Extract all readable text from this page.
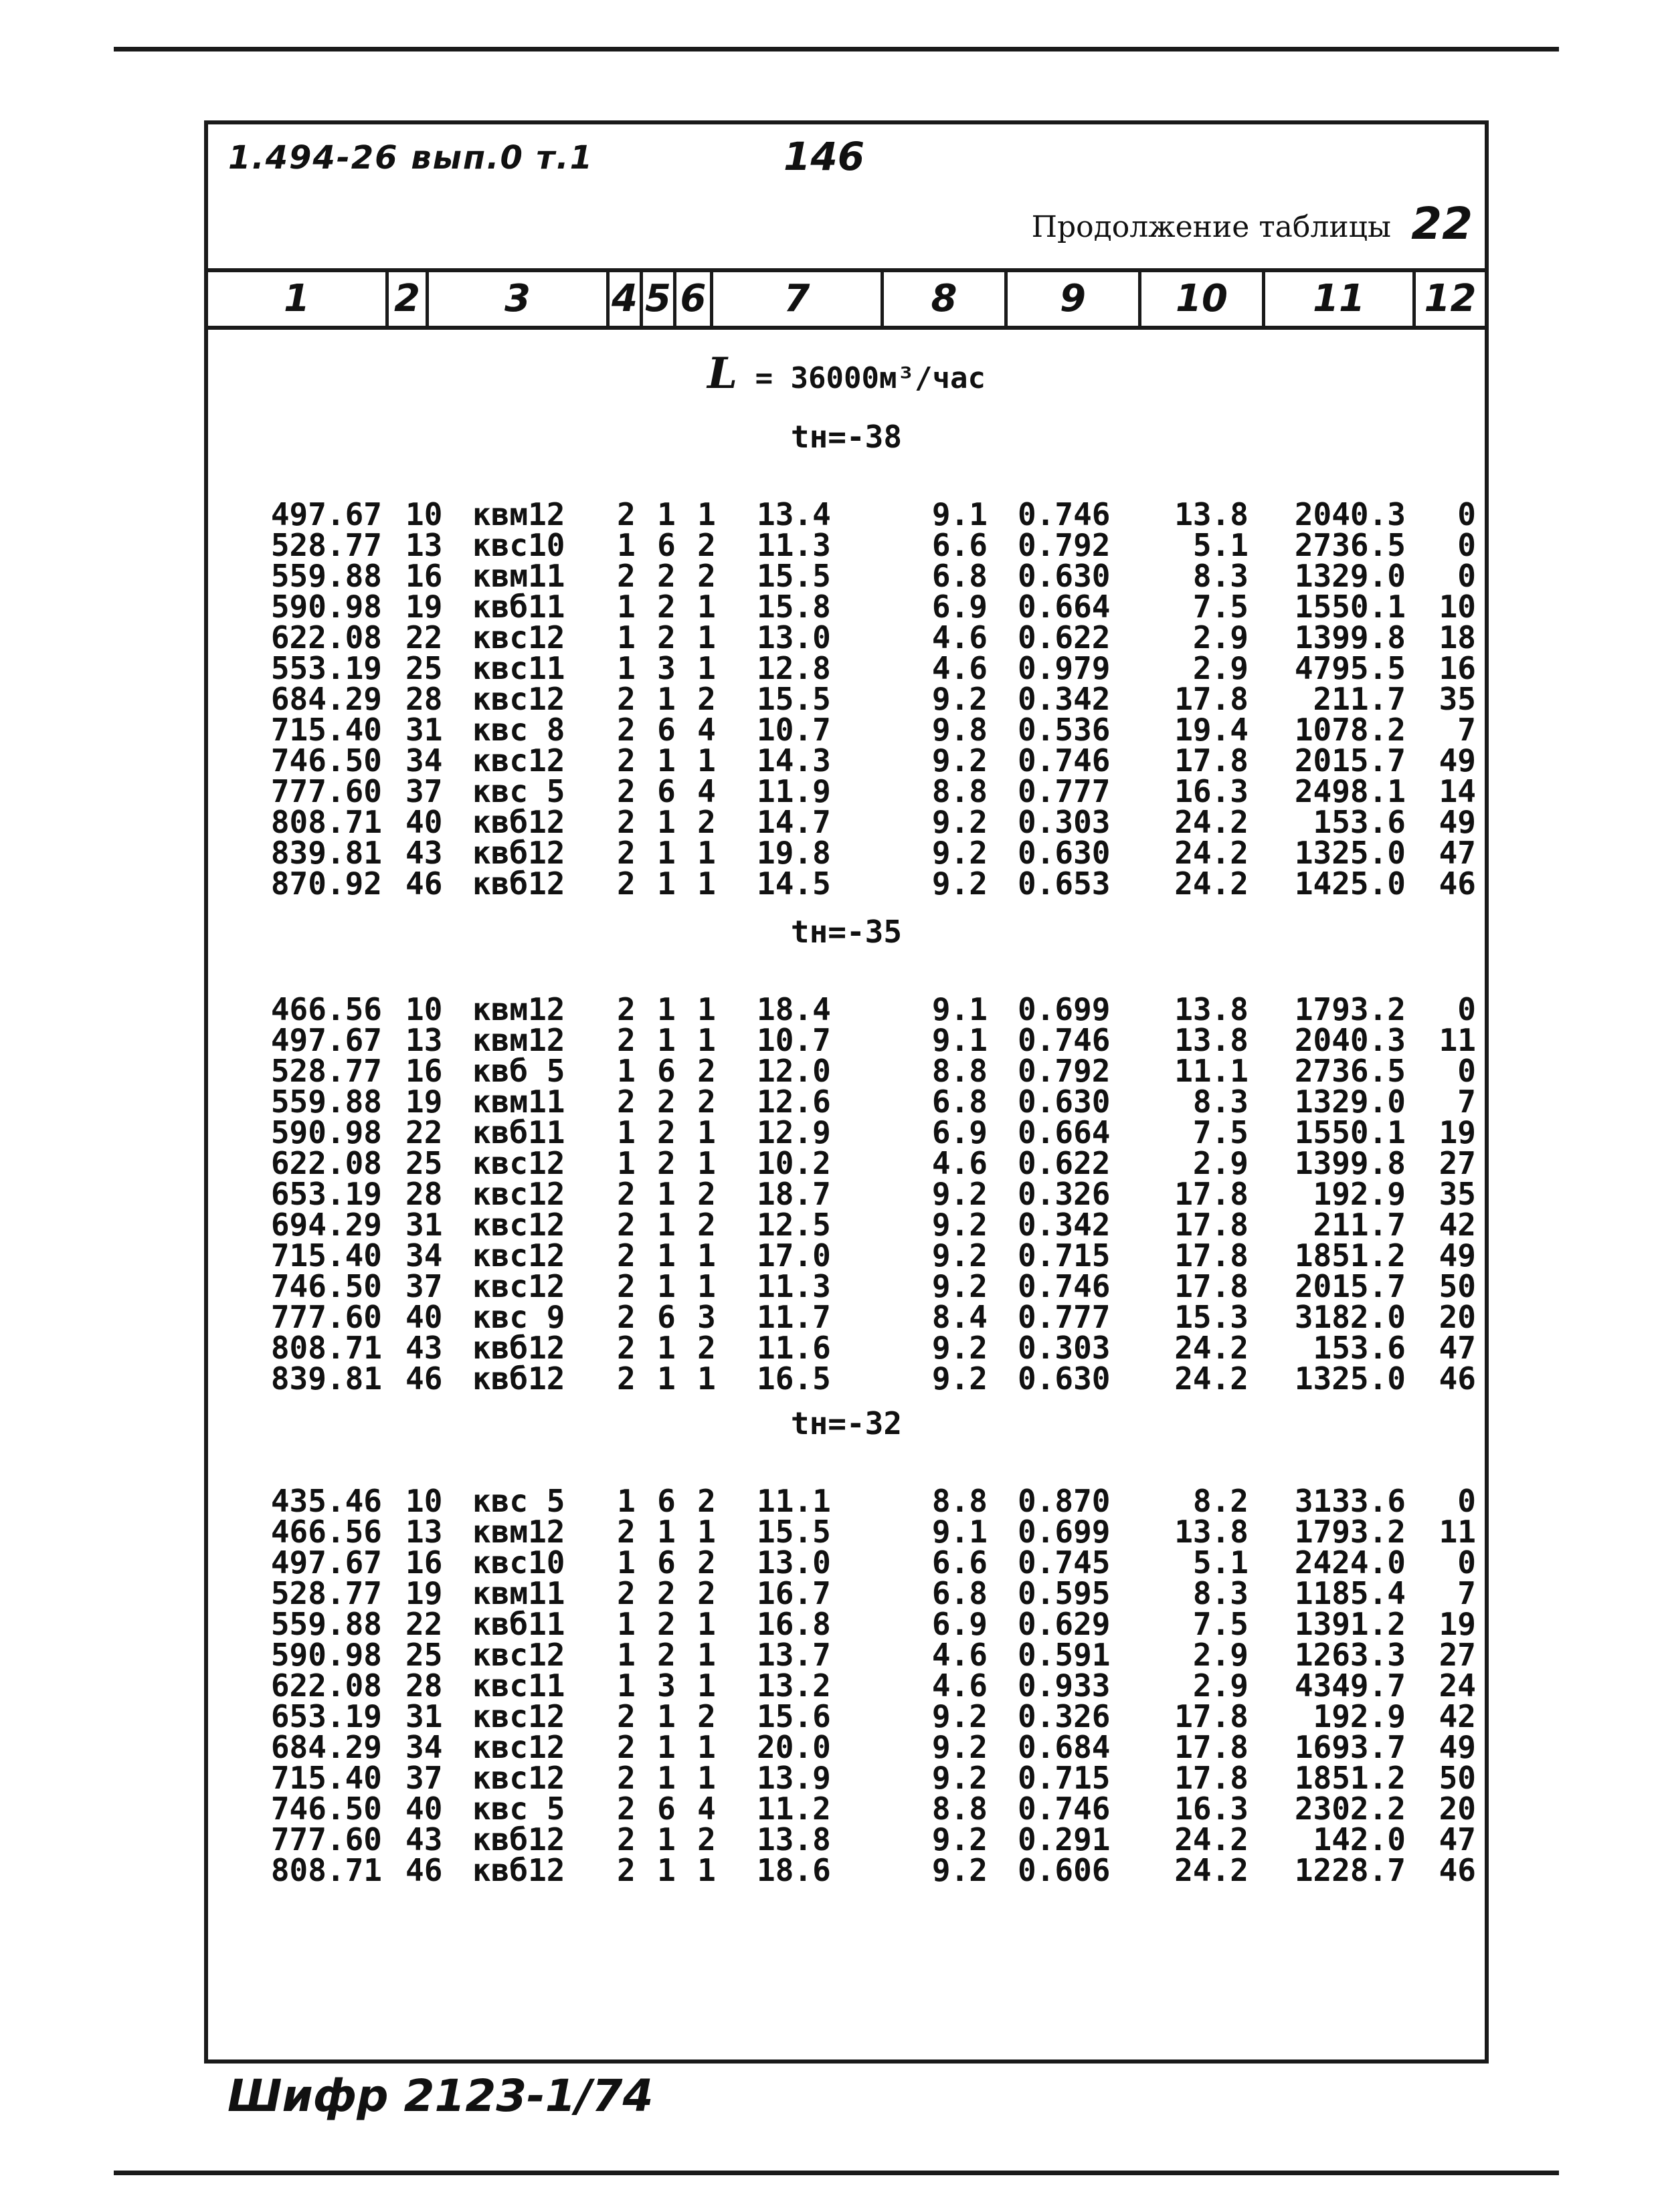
1.494-26 вып.0 т.1	146
Продолжение таблицы 22
1	2	3	4 5 6	7	8	9	10	11	12
L = 36000м³/час
tн=-38
497.67 10 квм12	2 1 1	13.4	9.1 0.746	13.8	2040.3	0
528.77 13 квс10	1 6 2	11.3	6.6 0.792	5.1	2736.5	0
559.88 16 квм11	2 2 2	15.5	6.8 0.630	8.3	1329.0	0
590.98 19 квб11	1 2 1	15.8	6.9 0.664	7.5	1550.1	10
622.08 22 квс12	1 2 1	13.0	4.6 0.622	2.9	1399.8	18
553.19 25 квс11	1 3 1	12.8	4.6 0.979	2.9	4795.5	16
684.29 28 квс12	2 1 2	15.5	9.2 0.342	17.8	211.7	35
715.40 31 квс 8	2 6 4	10.7	9.8 0.536	19.4	1078.2	7
746.50 34 квс12	2 1 1	14.3	9.2 0.746	17.8	2015.7	49
777.60 37 квс 5	2 6 4	11.9	8.8 0.777	16.3	2498.1	14
808.71 40 квб12	2 1 2	14.7	9.2 0.303	24.2	153.6	49
839.81 43 квб12	2 1 1	19.8	9.2 0.630	24.2	1325.0	47
870.92 46 квб12	2 1 1	14.5	9.2 0.653	24.2	1425.0	46
tн=-35
466.56 10 квм12	2 1 1	18.4	9.1 0.699	13.8	1793.2	0
497.67 13 квм12	2 1 1	10.7	9.1 0.746	13.8	2040.3	11
528.77 16 квб 5	1 6 2	12.0	8.8 0.792	11.1	2736.5	0
559.88 19 квм11	2 2 2	12.6	6.8 0.630	8.3	1329.0	7
590.98 22 квб11	1 2 1	12.9	6.9 0.664	7.5	1550.1	19
622.08 25 квс12	1 2 1	10.2	4.6 0.622	2.9	1399.8	27
653.19 28 квс12	2 1 2	18.7	9.2 0.326	17.8	192.9	35
694.29 31 квс12	2 1 2	12.5	9.2 0.342	17.8	211.7	42
715.40 34 квс12	2 1 1	17.0	9.2 0.715	17.8	1851.2	49
746.50 37 квс12	2 1 1	11.3	9.2 0.746	17.8	2015.7	50
777.60 40 квс 9	2 6 3	11.7	8.4 0.777	15.3	3182.0	20
808.71 43 квб12	2 1 2	11.6	9.2 0.303	24.2	153.6	47
839.81 46 квб12	2 1 1	16.5	9.2 0.630	24.2	1325.0	46
tн=-32
435.46 10 квс 5	1 6 2	11.1	8.8 0.870	8.2	3133.6	0
466.56 13 квм12	2 1 1	15.5	9.1 0.699	13.8	1793.2	11
497.67 16 квс10	1 6 2	13.0	6.6 0.745	5.1	2424.0	0
528.77 19 квм11	2 2 2	16.7	6.8 0.595	8.3	1185.4	7
559.88 22 квб11	1 2 1	16.8	6.9 0.629	7.5	1391.2	19
590.98 25 квс12	1 2 1	13.7	4.6 0.591	2.9	1263.3	27
622.08 28 квс11	1 3 1	13.2	4.6 0.933	2.9	4349.7	24
653.19 31 квс12	2 1 2	15.6	9.2 0.326	17.8	192.9	42
684.29 34 квс12	2 1 1	20.0	9.2 0.684	17.8	1693.7	49
715.40 37 квс12	2 1 1	13.9	9.2 0.715	17.8	1851.2	50
746.50 40 квс 5	2 6 4	11.2	8.8 0.746	16.3	2302.2	20
777.60 43 квб12	2 1 2	13.8	9.2 0.291	24.2	142.0	47
808.71 46 квб12	2 1 1	18.6	9.2 0.606	24.2	1228.7	46
Шифр 2123-1/74
